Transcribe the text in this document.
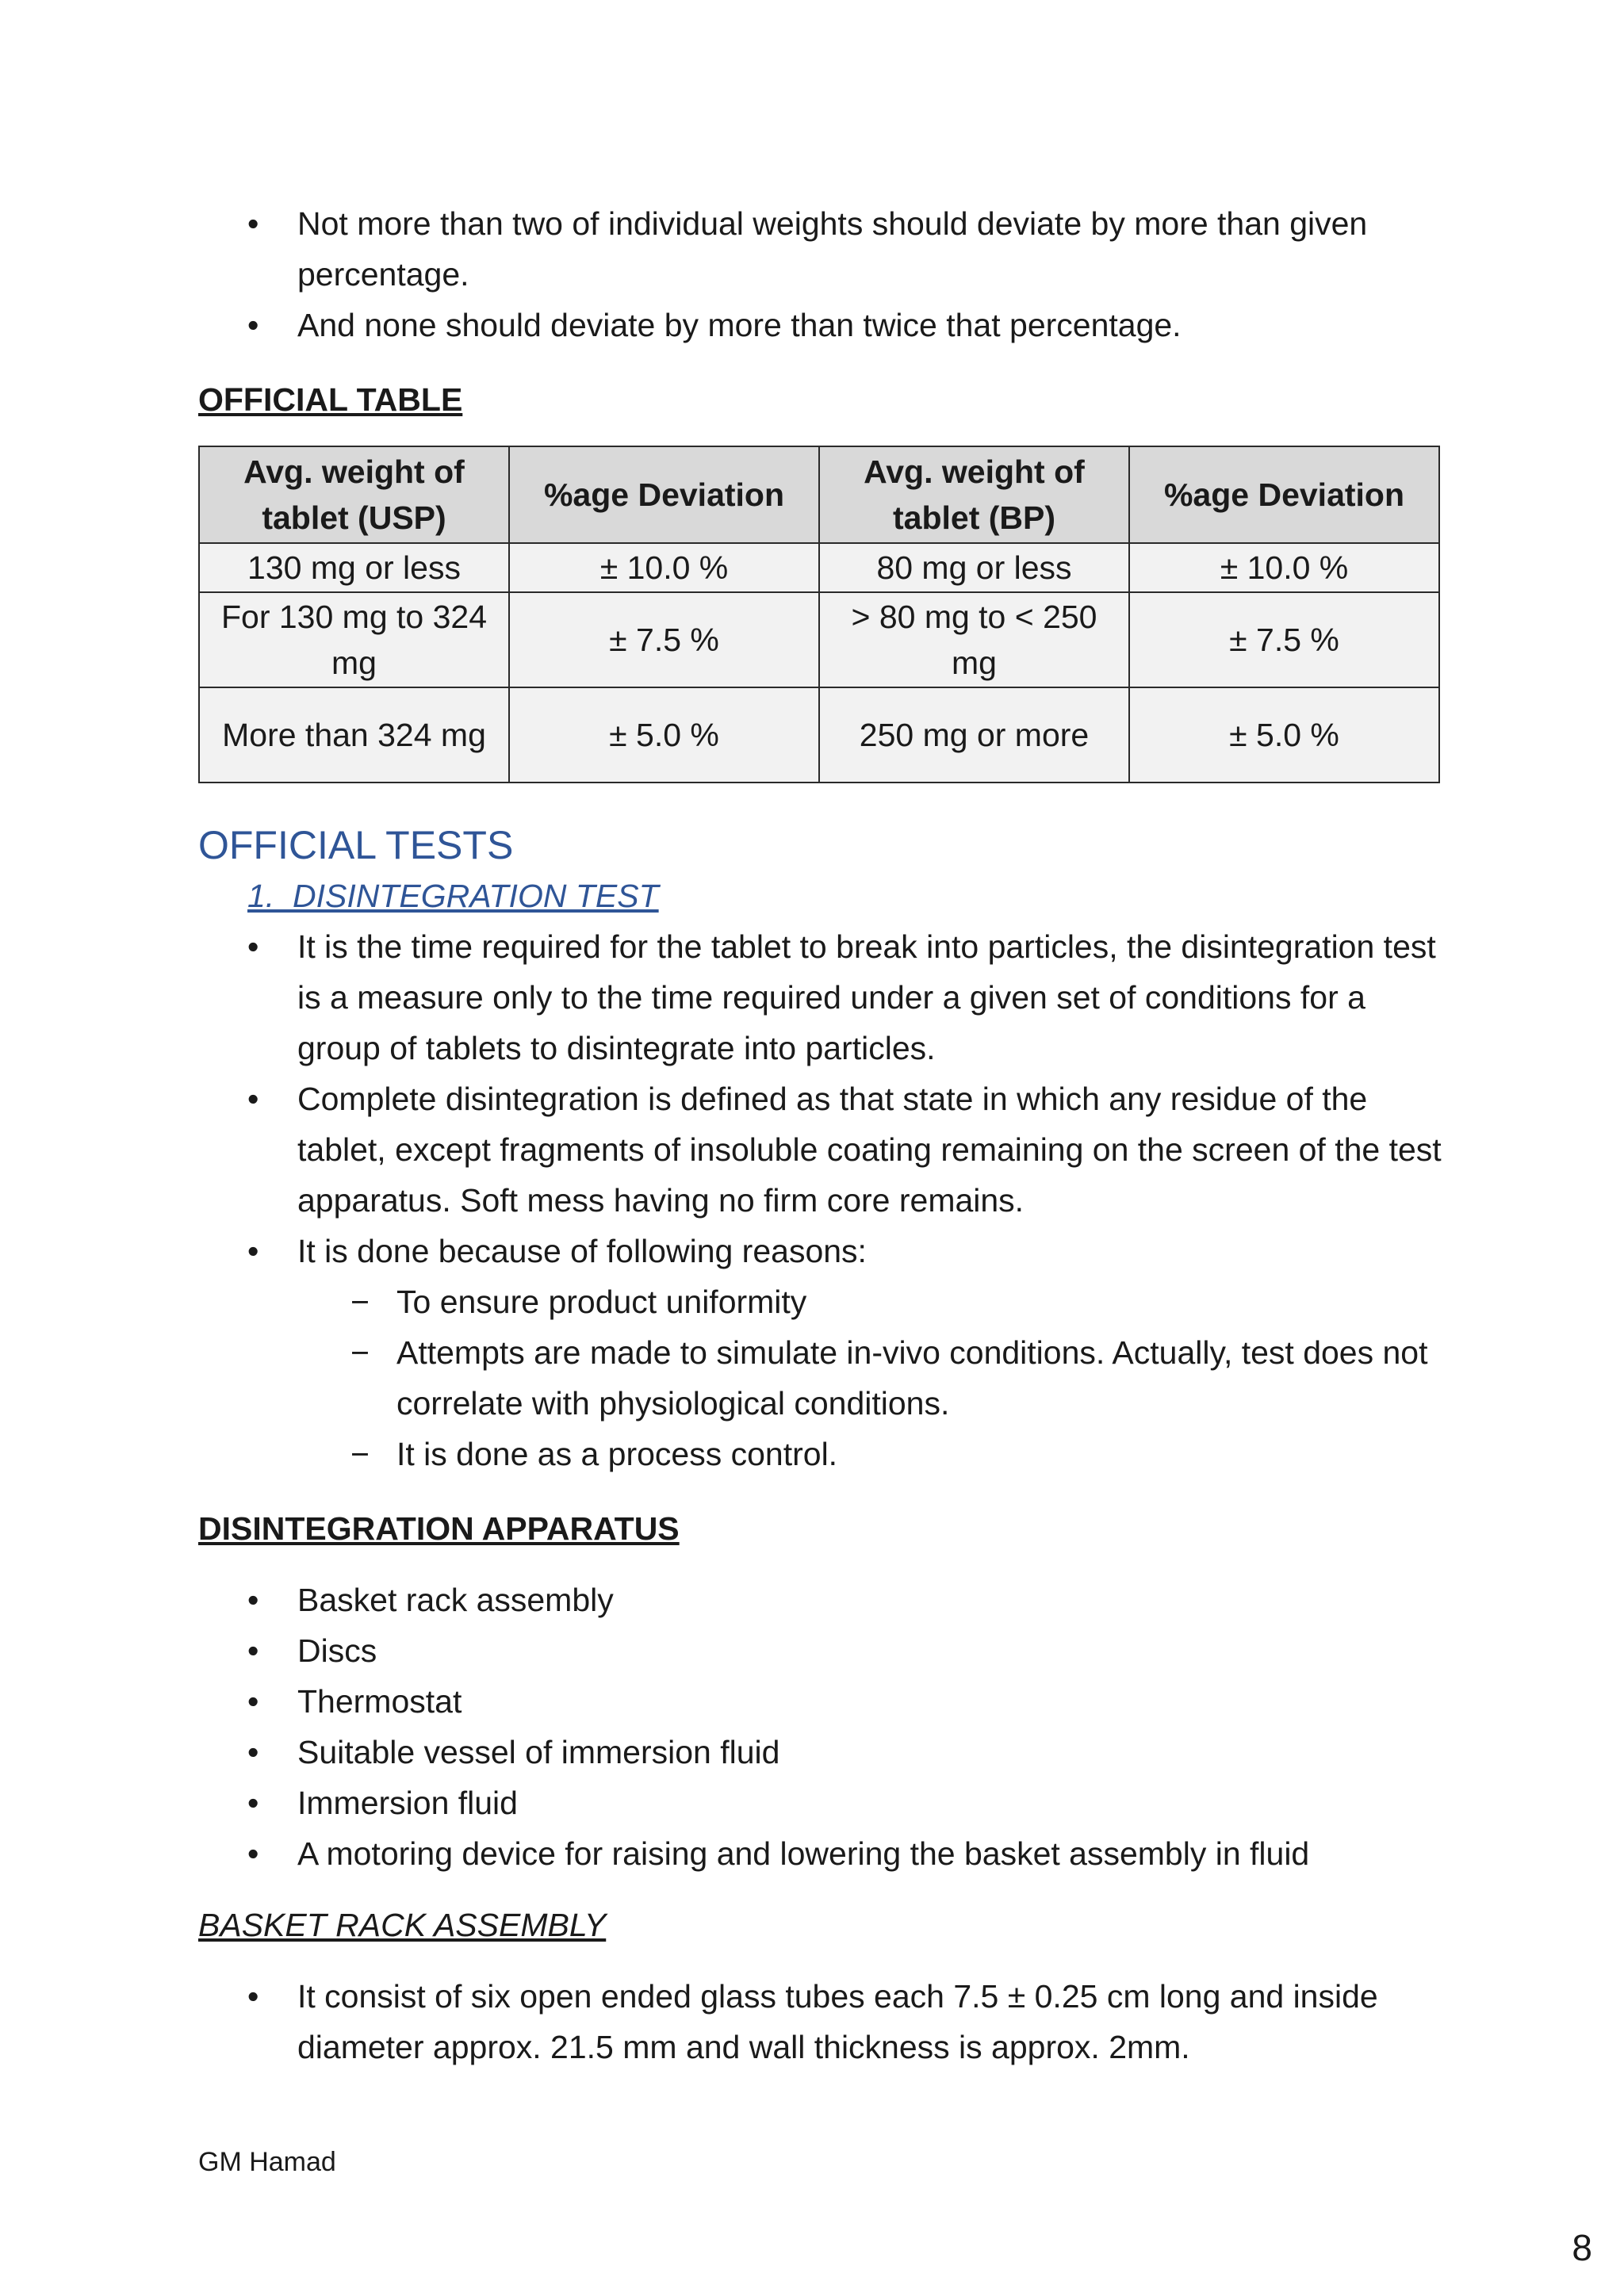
• Not more than two of individual weights should deviate by more than given percentage.
• And none should deviate by more than twice that percentage.
OFFICIAL TABLE
Avg. weight of tablet (USP)	%age Deviation	Avg. weight of tablet (BP)	%age Deviation
130 mg or less	± 10.0 %	80 mg or less	± 10.0 %
For 130 mg to 324 mg	± 7.5 %	> 80 mg to < 250 mg	± 7.5 %
More than 324 mg	± 5.0 %	250 mg or more	± 5.0 %
OFFICIAL TESTS
1.  DISINTEGRATION TEST
• It is the time required for the tablet to break into particles, the disintegration test is a measure only to the time required under a given set of conditions for a group of tablets to disintegrate into particles.
• Complete disintegration is defined as that state in which any residue of the tablet, except fragments of insoluble coating remaining on the screen of the test apparatus. Soft mess having no firm core remains.
• It is done because of following reasons:
− To ensure product uniformity
− Attempts are made to simulate in-vivo conditions. Actually, test does not correlate with physiological conditions.
− It is done as a process control.
DISINTEGRATION APPARATUS
• Basket rack assembly
• Discs
• Thermostat
• Suitable vessel of immersion fluid
• Immersion fluid
• A motoring device for raising and lowering the basket assembly in fluid
BASKET RACK ASSEMBLY
• It consist of six open ended glass tubes each 7.5 ± 0.25 cm long and inside diameter approx. 21.5 mm and wall thickness is approx. 2mm.
GM Hamad
8
